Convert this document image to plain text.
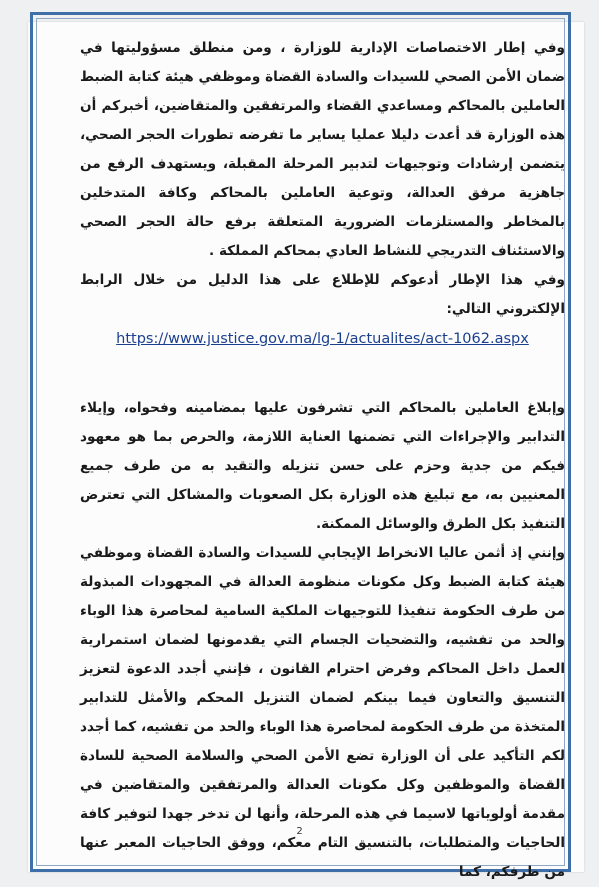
وفي إطار الاختصاصات الإدارية للوزارة ، ومن منطلق مسؤوليتها في ضمان الأمن الصحي للسيدات والسادة القضاة وموظفي هيئة كتابة الضبط العاملين بالمحاكم ومساعدي القضاء والمرتفقين والمتقاضين، أخبركم أن هذه الوزارة قد أعدت دليلا عمليا يساير ما تفرضه تطورات الحجر الصحي، يتضمن إرشادات وتوجيهات لتدبير المرحلة المقبلة، ويستهدف الرفع من جاهزية مرفق العدالة، وتوعية العاملين بالمحاكم وكافة المتدخلين بالمخاطر والمستلزمات الضرورية المتعلقة برفع حالة الحجر الصحي والاستئناف التدريجي للنشاط العادي بمحاكم المملكة .

وفي هذا الإطار أدعوكم للإطلاع على هذا الدليل من خلال الرابط الإلكتروني التالي:

https://www.justice.gov.ma/lg-1/actualites/act-1062.aspx

وإبلاغ العاملين بالمحاكم التي تشرفون عليها بمضامينه وفحواه، وإيلاء التدابير والإجراءات التي تضمنها العناية اللازمة، والحرص بما هو معهود فيكم من جدية وحزم على حسن تنزيله والتقيد به من طرف جميع المعنيين به، مع تبليغ هذه الوزارة بكل الصعوبات والمشاكل التي تعترض التنفيذ بكل الطرق والوسائل الممكنة.

وإنني إذ أثمن عاليا الانخراط الإيجابي للسيدات والسادة القضاة وموظفي هيئة كتابة الضبط وكل مكونات منظومة العدالة في المجهودات المبذولة من طرف الحكومة تنفيذا للتوجيهات الملكية السامية لمحاصرة هذا الوباء والحد من تفشيه، والتضحيات الجسام التي يقدمونها لضمان استمرارية العمل داخل المحاكم وفرض احترام القانون ، فإنني أجدد الدعوة لتعزيز التنسيق والتعاون فيما بينكم لضمان التنزيل المحكم والأمثل للتدابير المتخذة من طرف الحكومة لمحاصرة هذا الوباء والحد من تفشيه، كما أجدد لكم التأكيد على أن الوزارة تضع الأمن الصحي والسلامة الصحية للسادة القضاة والموظفين وكل مكونات العدالة والمرتفقين والمتقاضين في مقدمة أولوياتها لاسيما في هذه المرحلة، وأنها لن تدخر جهدا لتوفير كافة الحاجيات والمتطلبات، بالتنسيق التام معكم، ووفق الحاجيات المعبر عنها من طرفكم، كما

2
